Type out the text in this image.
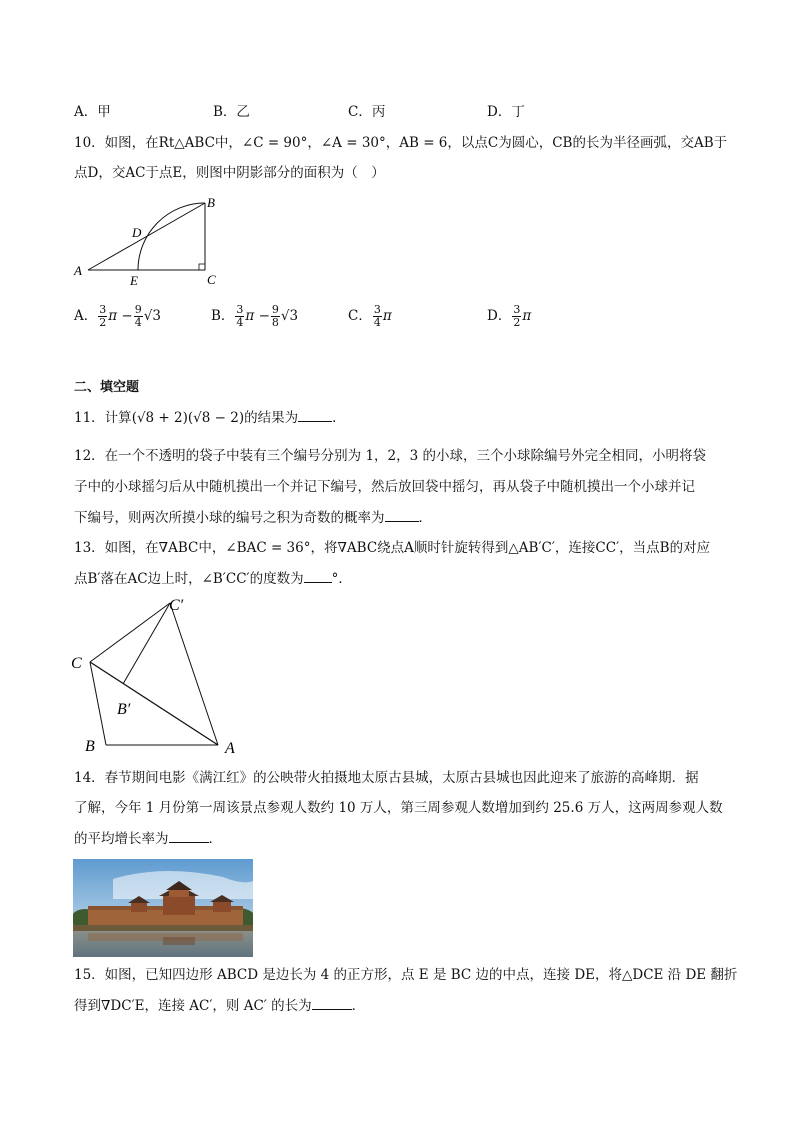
A．甲	B．乙	C．丙	D．丁
10．如图，在Rt△ABC中，∠C = 90°，∠A = 30°，AB = 6，以点C为圆心，CB的长为半径画弧，交AB于
点D，交AC于点E，则图中阴影部分的面积为（　）
A
B
C
D
E
A． $\frac{3}{2}$ $\pi - \frac{9}{4} √3$	B． $\frac{3}{4}$ $\pi - \frac{9}{8} √3$	C． $\frac{3}{4}$ π	D． $\frac{3}{2}$ π
二、填空题
11．计算(√8 + 2)(√8 − 2)的结果为	．
12．在一个不透明的袋子中装有三个编号分别为 1，2，3 的小球，三个小球除编号外完全相同，小明将袋
子中的小球摇匀后从中随机摸出一个并记下编号，然后放回袋中摇匀，再从袋子中随机摸出一个小球并记
下编号，则两次所摸小球的编号之积为奇数的概率为	．
13．如图，在∇ABC中，∠BAC = 36°，将∇ABC绕点A顺时针旋转得到△AB′C′，连接CC′，当点B的对应
点B′落在AC边上时，∠B′CC′的度数为 °．
C
C′
B′
B	A
14．春节期间电影《满江红》的公映带火拍摄地太原古县城，太原古县城也因此迎来了旅游的高峰期．据
了解，今年 1 月份第一周该景点参观人数约 10 万人，第三周参观人数增加到约 25.6 万人，这两周参观人数
的平均增长率为	．
15．如图，已知四边形 ABCD 是边长为 4 的正方形，点 E 是 BC 边的中点，连接 DE，将△DCE 沿 DE 翻折
得到∇DC′E，连接 AC′，则 AC′ 的长为	．
